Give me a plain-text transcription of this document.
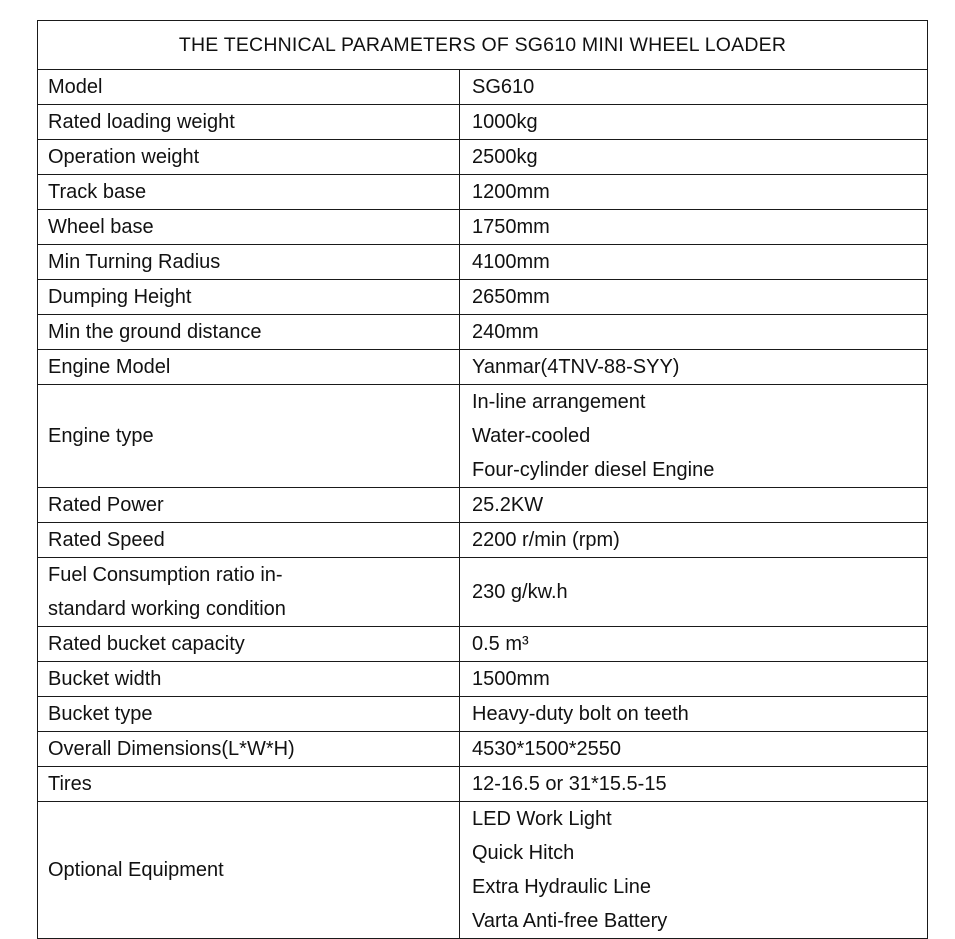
THE TECHNICAL PARAMETERS OF SG610 MINI WHEEL LOADER	

Model	SG610

Rated loading weight	1000kg

Operation weight	2500kg

Track base	1200mm

Wheel base	1750mm

Min Turning Radius	4100mm

Dumping Height	2650mm

Min the ground distance	240mm

Engine Model	Yanmar(4TNV-88-SYY)

Engine type	In-line arrangement
Water-cooled
Four-cylinder diesel Engine

Rated Power	25.2KW

Rated Speed	2200 r/min (rpm)

Fuel Consumption ratio in-
standard working condition	230 g/kw.h

Rated bucket capacity	0.5 m³

Bucket width	1500mm

Bucket type	Heavy-duty bolt on teeth

Overall Dimensions(L*W*H)	4530*1500*2550

Tires	12-16.5 or 31*15.5-15

Optional Equipment	LED Work Light
Quick Hitch
Extra Hydraulic Line
Varta Anti-free Battery
